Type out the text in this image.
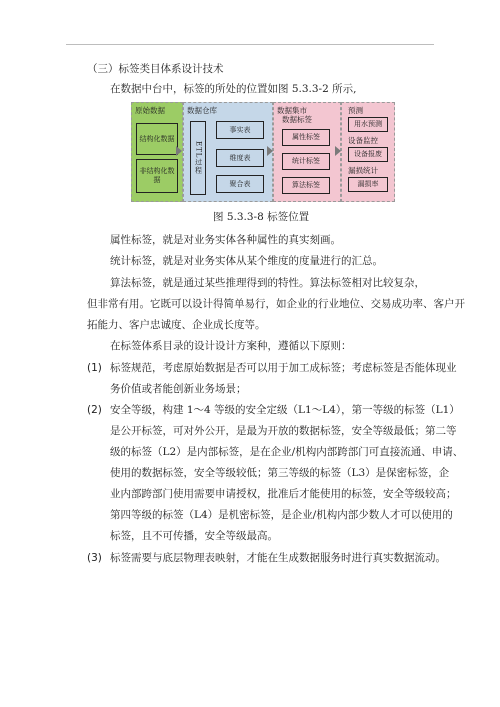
（三）标签类目体系设计技术
在数据中台中，标签的所处的位置如图 5.3.3-2 所示,
原始数据
结构化数据
非结构化数据
数据仓库
ETL过程
事实表
维度表
聚合表
数据集市
数据标签
属性标签
统计标签
算法标签
预测
用水预测
设备监控
设备报废
漏损统计
漏损率
图 5.3.3-8 标签位置
属性标签，就是对业务实体各种属性的真实刻画。
统计标签，就是对业务实体从某个维度的度量进行的汇总。
算法标签，就是通过某些推理得到的特性。算法标签相对比较复杂，
但非常有用。它既可以设计得简单易行，如企业的行业地位、交易成功率、客户开
拓能力、客户忠诚度、企业成长度等。
在标签体系目录的设计设计方案种，遵循以下原则：
(1) 标签规范，考虑原始数据是否可以用于加工成标签；考虑标签是否能体现业
务价值或者能创新业务场景；
(2) 安全等级，构建 1～4 等级的安全定级（L1～L4），第一等级的标签（L1）
是公开标签，可对外公开，是最为开放的数据标签，安全等级最低；第二等
级的标签（L2）是内部标签，是在企业/机构内部跨部门可直接流通、申请、
使用的数据标签，安全等级较低；第三等级的标签（L3）是保密标签，企
业内部跨部门使用需要申请授权，批准后才能使用的标签，安全等级较高；
第四等级的标签（L4）是机密标签，是企业/机构内部少数人才可以使用的
标签，且不可传播，安全等级最高。
(3) 标签需要与底层物理表映射，才能在生成数据服务时进行真实数据流动。
